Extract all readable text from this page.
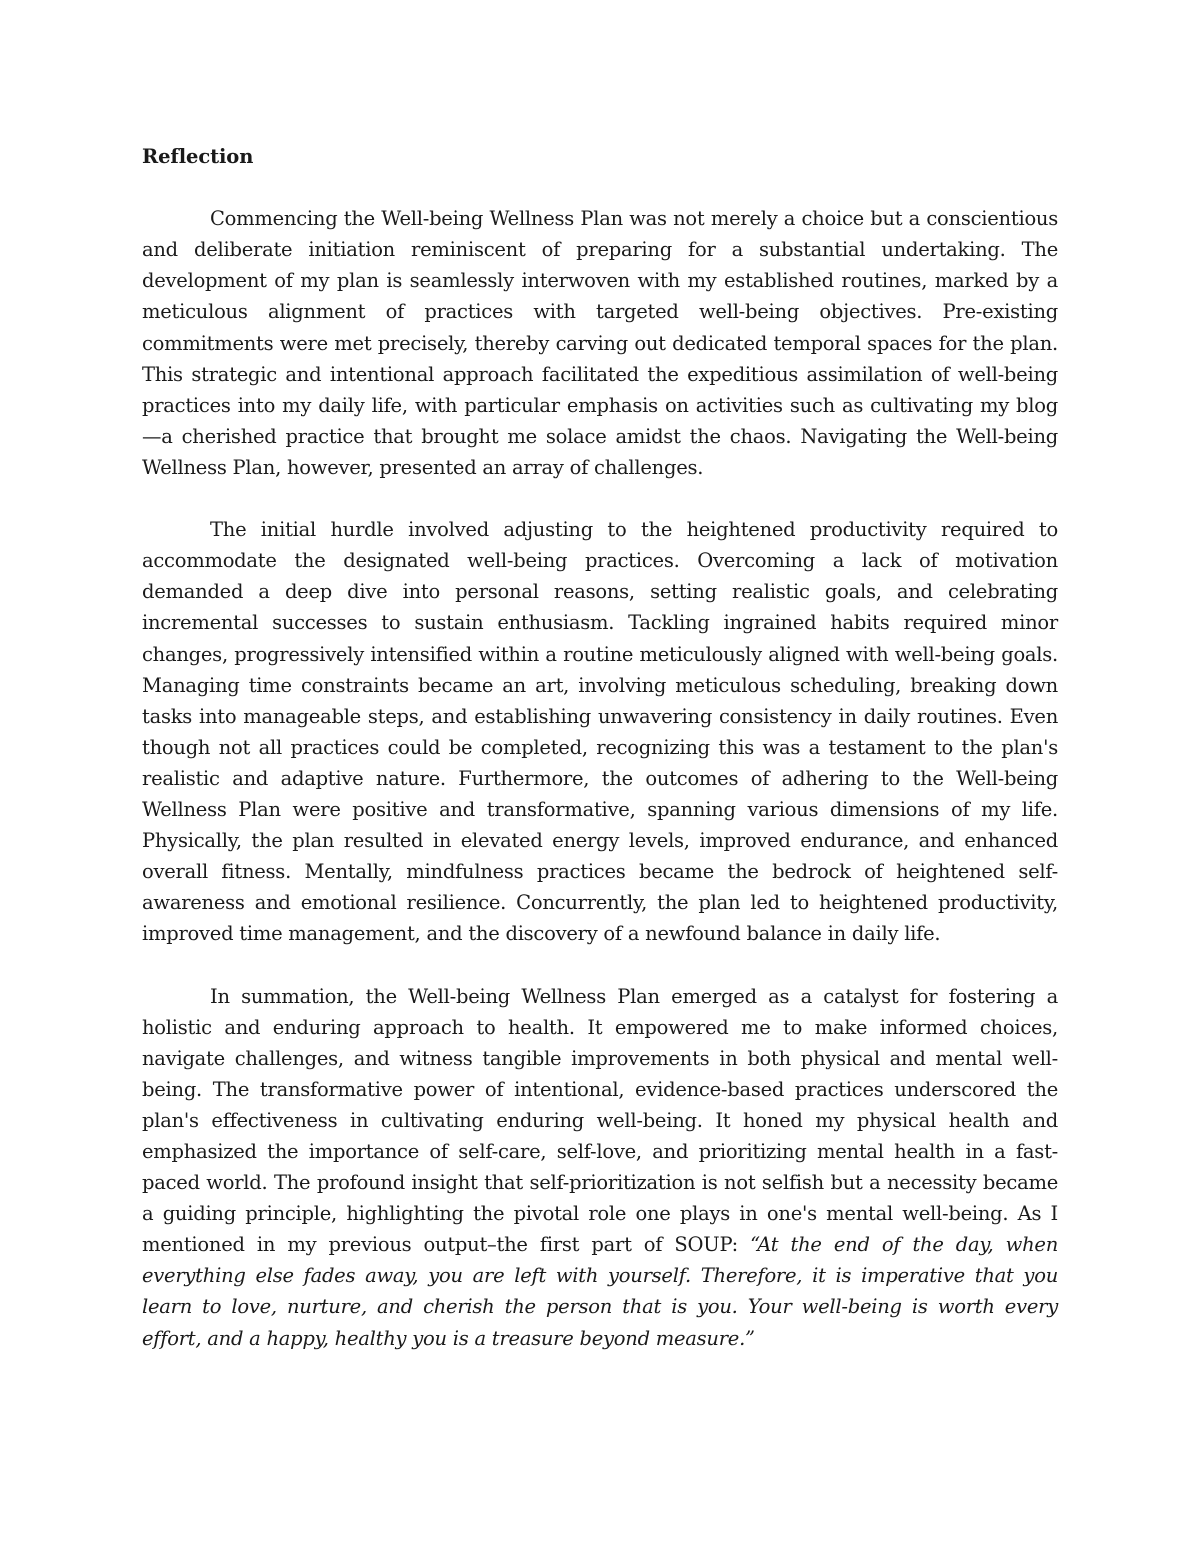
Reflection

Commencing the Well-being Wellness Plan was not merely a choice but a conscientious and deliberate initiation reminiscent of preparing for a substantial undertaking. The development of my plan is seamlessly interwoven with my established routines, marked by a meticulous alignment of practices with targeted well-being objectives. Pre-existing commitments were met precisely, thereby carving out dedicated temporal spaces for the plan. This strategic and intentional approach facilitated the expeditious assimilation of well-being practices into my daily life, with particular emphasis on activities such as cultivating my blog—a cherished practice that brought me solace amidst the chaos. Navigating the Well-being Wellness Plan, however, presented an array of challenges.

The initial hurdle involved adjusting to the heightened productivity required to accommodate the designated well-being practices. Overcoming a lack of motivation demanded a deep dive into personal reasons, setting realistic goals, and celebrating incremental successes to sustain enthusiasm. Tackling ingrained habits required minor changes, progressively intensified within a routine meticulously aligned with well-being goals. Managing time constraints became an art, involving meticulous scheduling, breaking down tasks into manageable steps, and establishing unwavering consistency in daily routines. Even though not all practices could be completed, recognizing this was a testament to the plan's realistic and adaptive nature. Furthermore, the outcomes of adhering to the Well-being Wellness Plan were positive and transformative, spanning various dimensions of my life. Physically, the plan resulted in elevated energy levels, improved endurance, and enhanced overall fitness. Mentally, mindfulness practices became the bedrock of heightened self-awareness and emotional resilience. Concurrently, the plan led to heightened productivity, improved time management, and the discovery of a newfound balance in daily life.

In summation, the Well-being Wellness Plan emerged as a catalyst for fostering a holistic and enduring approach to health. It empowered me to make informed choices, navigate challenges, and witness tangible improvements in both physical and mental well-being. The transformative power of intentional, evidence-based practices underscored the plan's effectiveness in cultivating enduring well-being. It honed my physical health and emphasized the importance of self-care, self-love, and prioritizing mental health in a fast-paced world. The profound insight that self-prioritization is not selfish but a necessity became a guiding principle, highlighting the pivotal role one plays in one's mental well-being. As I mentioned in my previous output–the first part of SOUP: “At the end of the day, when everything else fades away, you are left with yourself. Therefore, it is imperative that you learn to love, nurture, and cherish the person that is you. Your well-being is worth every effort, and a happy, healthy you is a treasure beyond measure.”
